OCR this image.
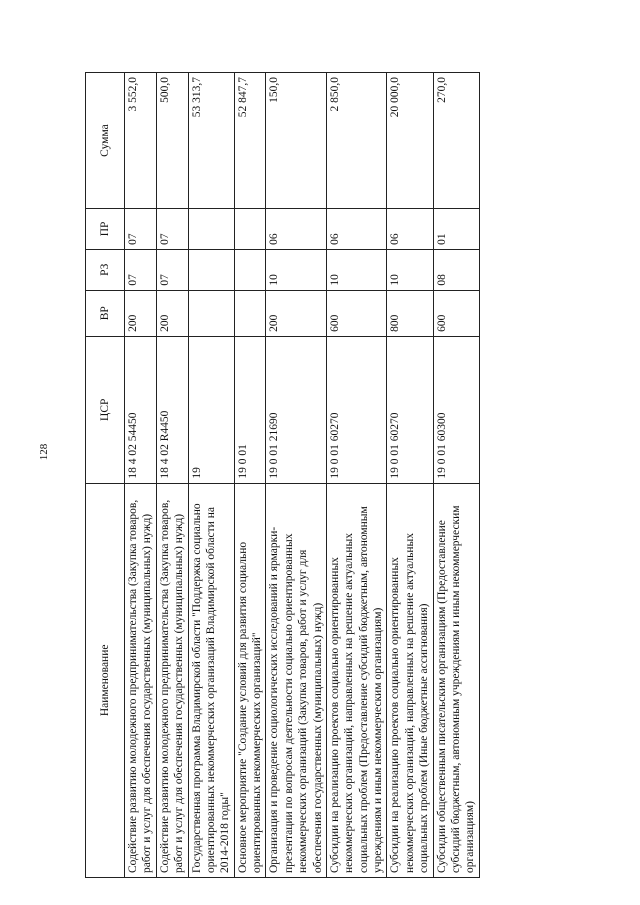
128
Наименование	ЦСР	ВР	РЗ	ПР	Сумма
Содействие развитию молодежного предпринимательства (Закупка товаров, работ и услуг для обеспечения государственных (муниципальных) нужд)	18 4 02 54450	200	07	07	3 552,0
Содействие развитию молодежного предпринимательства (Закупка товаров, работ и услуг для обеспечения государственных (муниципальных) нужд)	18 4 02 R4450	200	07	07	500,0
Государственная программа Владимирской области "Поддержка социально ориентированных некоммерческих организаций Владимирской области на 2014-2018 годы"	19				53 313,7
Основное мероприятие "Создание условий для развития социально ориентированных некоммерческих организаций"	19 0 01				52 847,7
Организация и проведение социологических исследований и ярмарки-презентации по вопросам деятельности социально ориентированных некоммерческих организаций (Закупка товаров, работ и услуг для обеспечения государственных (муниципальных) нужд)	19 0 01 21690	200	10	06	150,0
Субсидии на реализацию проектов социально ориентированных некоммерческих организаций, направленных на решение актуальных социальных проблем (Предоставление субсидий бюджетным, автономным учреждениям и иным некоммерческим организациям)	19 0 01 60270	600	10	06	2 850,0
Субсидии на реализацию проектов социально ориентированных некоммерческих организаций, направленных на решение актуальных социальных проблем (Иные бюджетные ассигнования)	19 0 01 60270	800	10	06	20 000,0
Субсидии общественным писательским организациям (Предоставление субсидий бюджетным, автономным учреждениям и иным некоммерческим организациям)	19 0 01 60300	600	08	01	270,0
